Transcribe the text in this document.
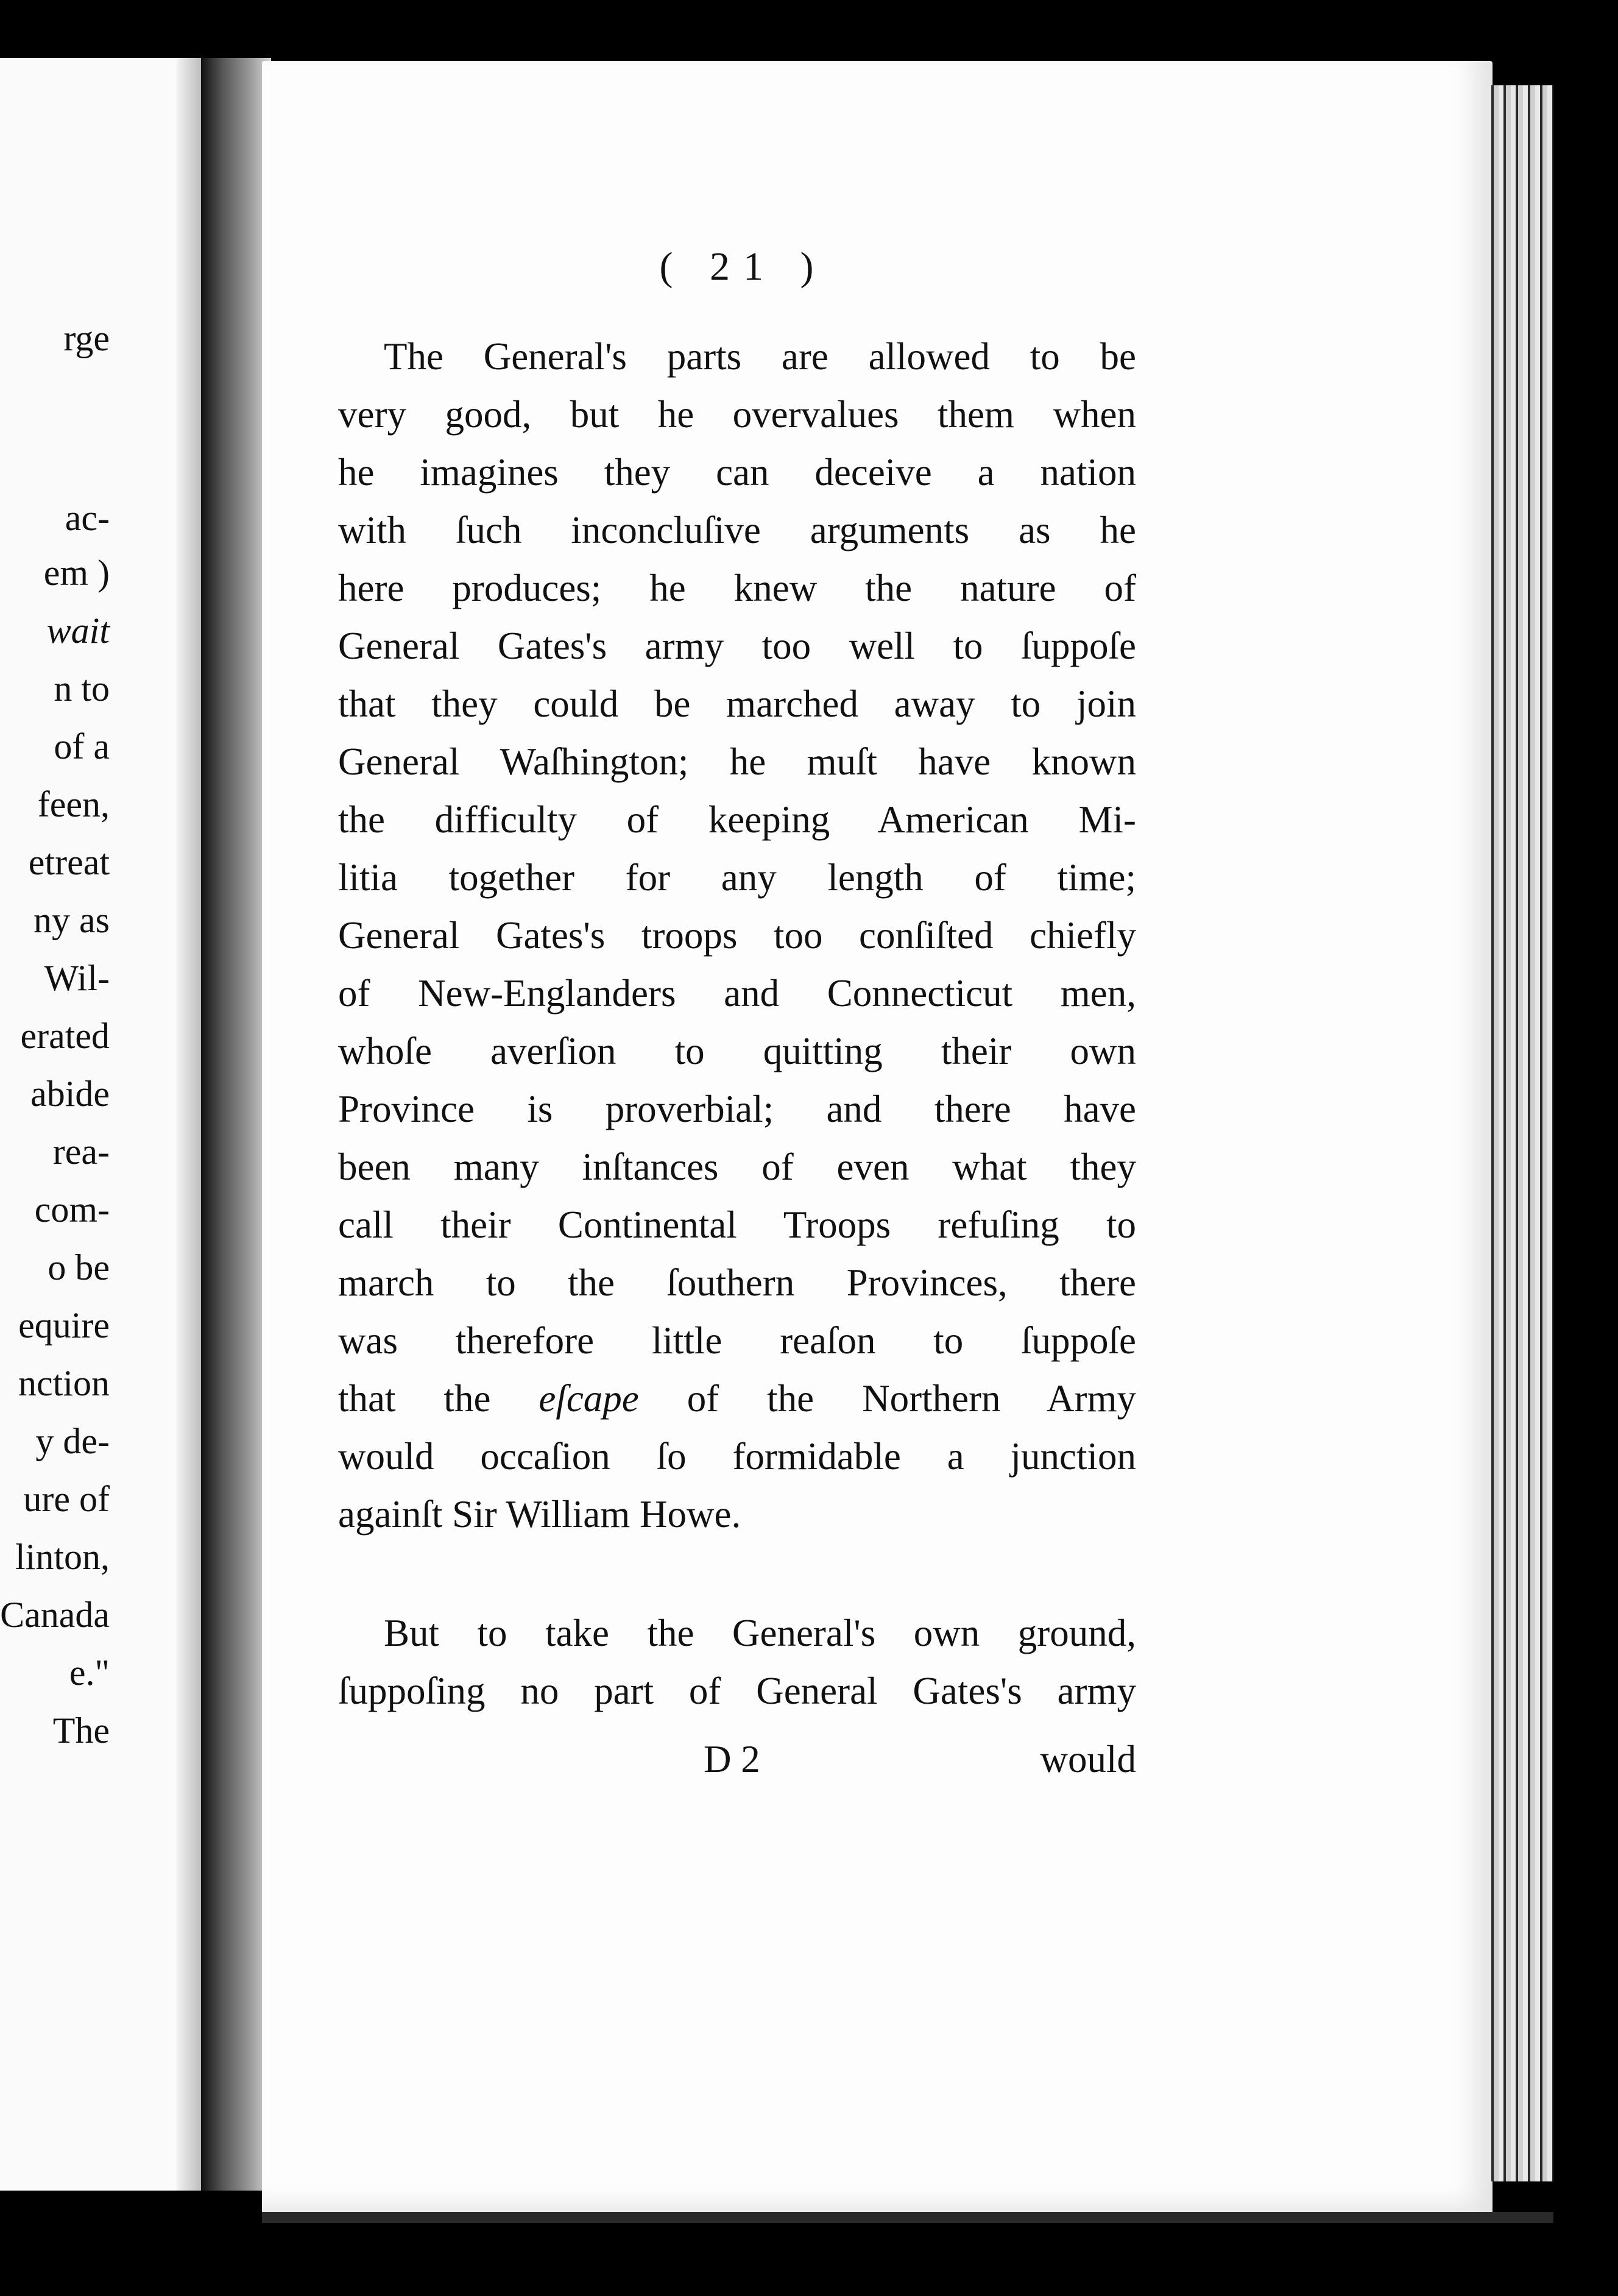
rge
ac-
em )
wait
n to
of a
feen,
etreat
ny as
Wil-
erated
abide
rea-
com-
o be
equire
nction
y de-
ure of
linton,
Canada
e."
The
( 21 )
The General's parts are allowed to be
very good, but he overvalues them when
he imagines they can deceive a nation
with ſuch inconcluſive arguments as he
here produces; he knew the nature of
General Gates's army too well to ſuppoſe
that they could be marched away to join
General Waſhington; he muſt have known
the difficulty of keeping American Mi-
litia together for any length of time;
General Gates's troops too conſiſted chiefly
of New-Englanders and Connecticut men,
whoſe averſion to quitting their own
Province is proverbial; and there have
been many inſtances of even what they
call their Continental Troops refuſing to
march to the ſouthern Provinces, there
was therefore little reaſon to ſuppoſe
that the eſcape of the Northern Army
would occaſion ſo formidable a junction
againſt Sir William Howe.
But to take the General's own ground,
ſuppoſing no part of General Gates's army
D 2	would
